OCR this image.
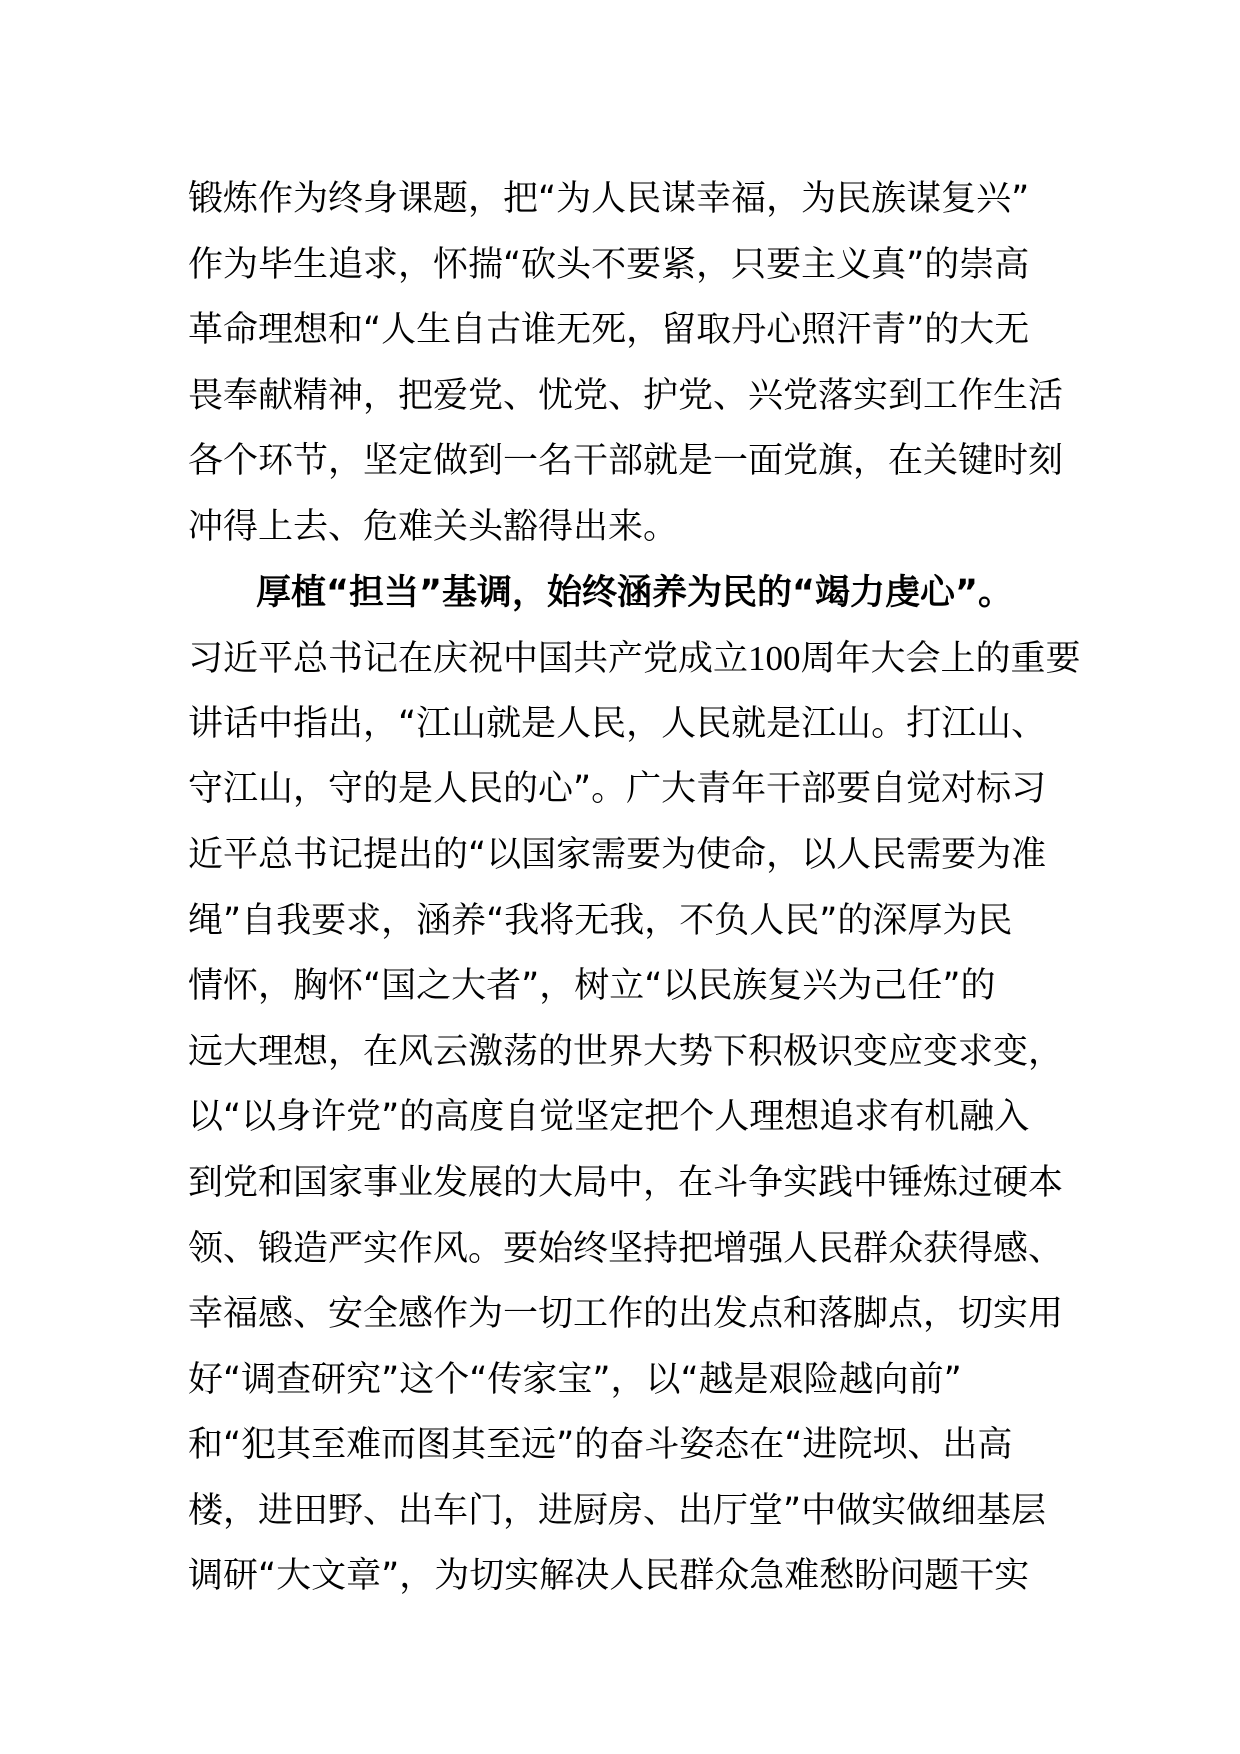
锻炼作为终身课题，把“为人民谋幸福，为民族谋复兴”
作为毕生追求，怀揣“砍头不要紧，只要主义真”的崇高
革命理想和“人生自古谁无死，留取丹心照汗青”的大无
畏奉献精神，把爱党、忧党、护党、兴党落实到工作生活
各个环节，坚定做到一名干部就是一面党旗，在关键时刻
冲得上去、危难关头豁得出来。
厚植“担当”基调，始终涵养为民的“竭力虔心”。
习近平总书记在庆祝中国共产党成立100周年大会上的重要
讲话中指出，“江山就是人民，人民就是江山。打江山、
守江山，守的是人民的心”。广大青年干部要自觉对标习
近平总书记提出的“以国家需要为使命，以人民需要为准
绳”自我要求，涵养“我将无我，不负人民”的深厚为民
情怀，胸怀“国之大者”，树立“以民族复兴为己任”的
远大理想，在风云激荡的世界大势下积极识变应变求变，
以“以身许党”的高度自觉坚定把个人理想追求有机融入
到党和国家事业发展的大局中，在斗争实践中锤炼过硬本
领、锻造严实作风。要始终坚持把增强人民群众获得感、
幸福感、安全感作为一切工作的出发点和落脚点，切实用
好“调查研究”这个“传家宝”，以“越是艰险越向前”
和“犯其至难而图其至远”的奋斗姿态在“进院坝、出高
楼，进田野、出车门，进厨房、出厅堂”中做实做细基层
调研“大文章”，为切实解决人民群众急难愁盼问题干实
